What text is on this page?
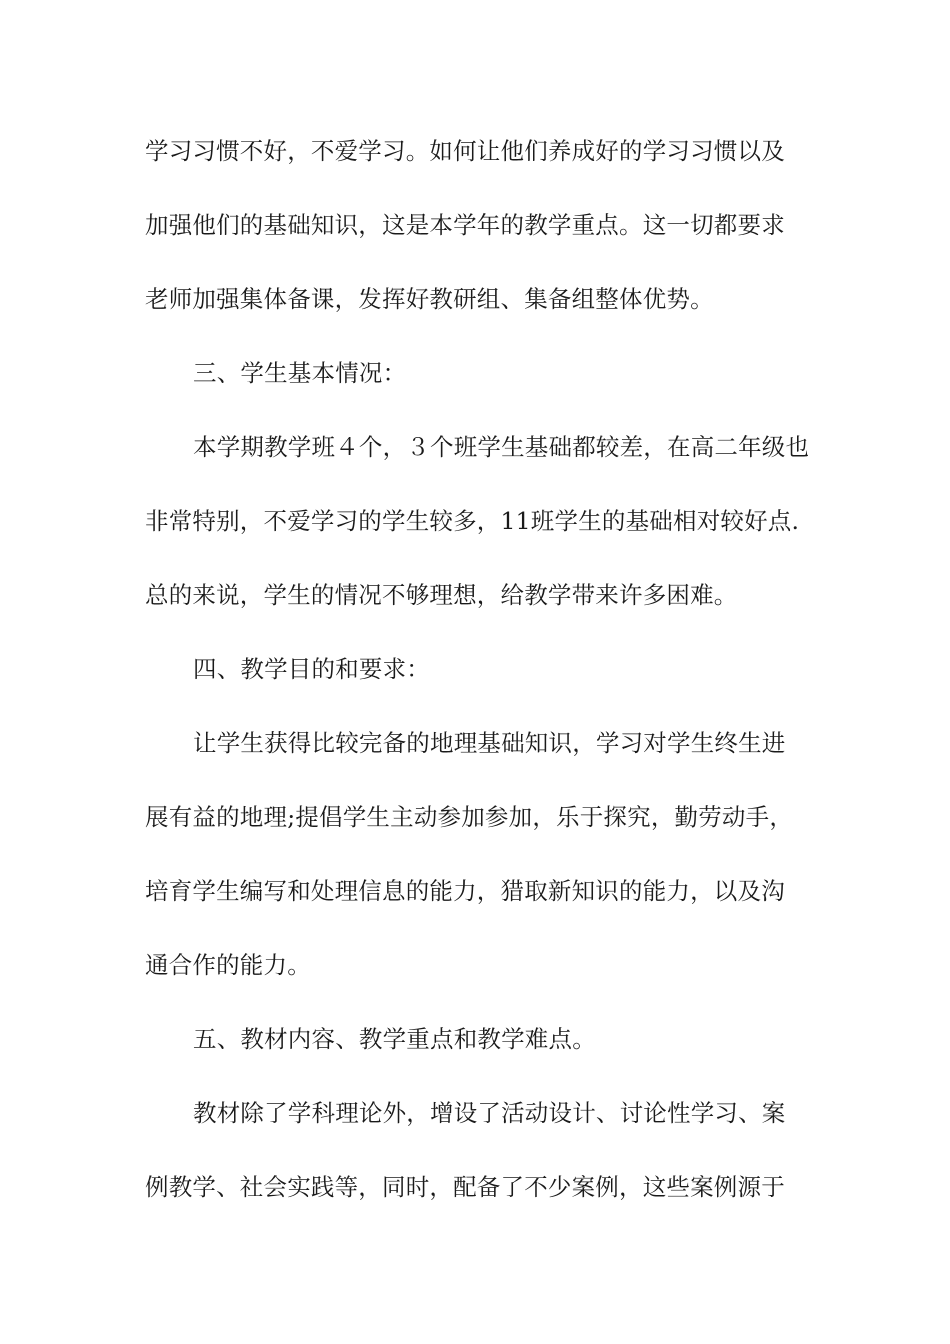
学习习惯不好，不爱学习。如何让他们养成好的学习习惯以及
加强他们的基础知识，这是本学年的教学重点。这一切都要求
老师加强集体备课，发挥好教研组、集备组整体优势。
三、学生基本情况：
本学期教学班４个，３个班学生基础都较差，在高二年级也
非常特别，不爱学习的学生较多，11班学生的基础相对较好点.
总的来说，学生的情况不够理想，给教学带来许多困难。
四、教学目的和要求：
让学生获得比较完备的地理基础知识，学习对学生终生进
展有益的地理;提倡学生主动参加参加，乐于探究，勤劳动手，
培育学生编写和处理信息的能力，猎取新知识的能力，以及沟
通合作的能力。
五、教材内容、教学重点和教学难点。
教材除了学科理论外，增设了活动设计、讨论性学习、案
例教学、社会实践等，同时，配备了不少案例，这些案例源于
